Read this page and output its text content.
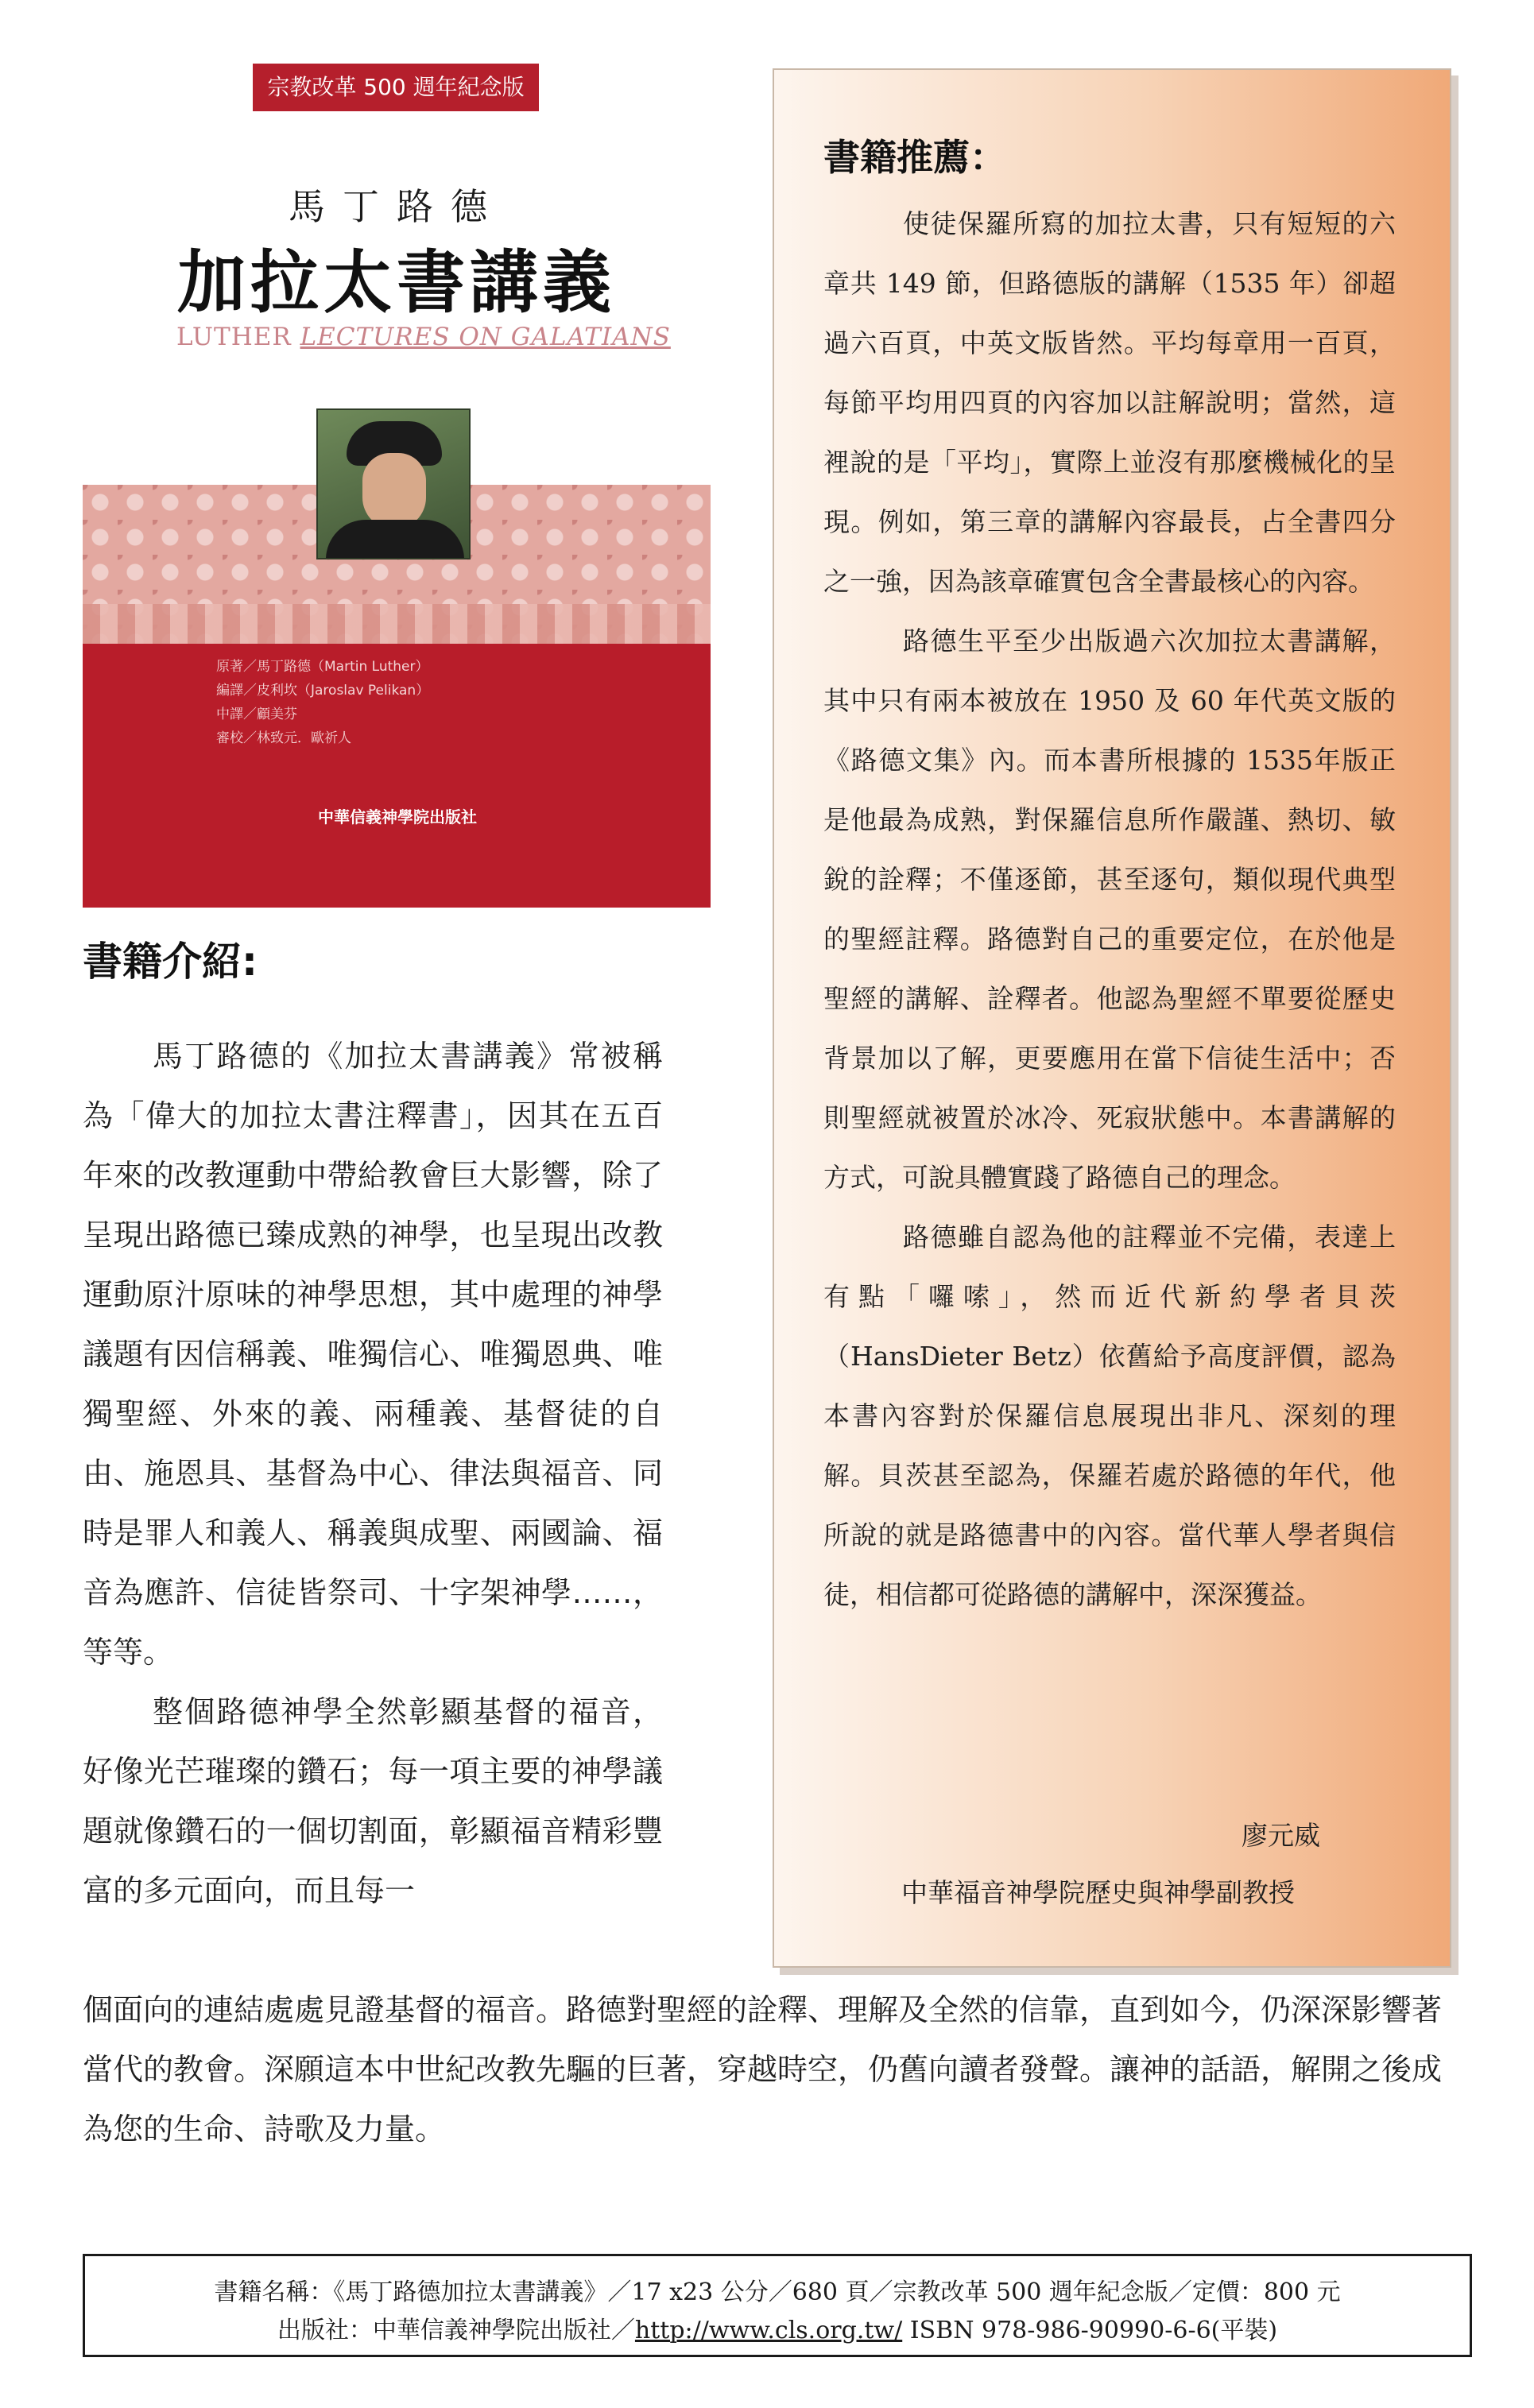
宗教改革 500 週年紀念版
馬丁路德
加拉太書講義
LUTHER LECTURES ON GALATIANS
原著／馬丁路德（Martin Luther）
編譯／皮利坎（Jaroslav Pelikan）
中譯／顧美芬
審校／林致元．歐祈人
中華信義神學院出版社
書籍介紹:

馬丁路德的《加拉太書講義》常被稱為「偉大的加拉太書注釋書」，因其在五百年來的改教運動中帶給教會巨大影響，除了呈現出路德已臻成熟的神學，也呈現出改教運動原汁原味的神學思想，其中處理的神學議題有因信稱義、唯獨信心、唯獨恩典、唯獨聖經、外來的義、兩種義、基督徒的自由、施恩具、基督為中心、律法與福音、同時是罪人和義人、稱義與成聖、兩國論、福音為應許、信徒皆祭司、十字架神學……，等等。

整個路德神學全然彰顯基督的福音，好像光芒璀璨的鑽石；每一項主要的神學議題就像鑽石的一個切割面，彰顯福音精彩豐富的多元面向，而且每一

個面向的連結處處見證基督的福音。路德對聖經的詮釋、理解及全然的信靠，直到如今，仍深深影響著當代的教會。深願這本中世紀改教先驅的巨著，穿越時空，仍舊向讀者發聲。讓神的話語，解開之後成為您的生命、詩歌及力量。
書籍推薦：

使徒保羅所寫的加拉太書，只有短短的六章共 149 節，但路德版的講解（1535 年）卻超過六百頁，中英文版皆然。平均每章用一百頁，每節平均用四頁的內容加以註解說明；當然，這裡說的是「平均」，實際上並沒有那麼機械化的呈現。例如，第三章的講解內容最長，占全書四分之一強，因為該章確實包含全書最核心的內容。

路德生平至少出版過六次加拉太書講解，其中只有兩本被放在 1950 及 60 年代英文版的《路德文集》內。而本書所根據的 1535年版正是他最為成熟，對保羅信息所作嚴謹、熱切、敏銳的詮釋；不僅逐節，甚至逐句，類似現代典型的聖經註釋。路德對自己的重要定位，在於他是聖經的講解、詮釋者。他認為聖經不單要從歷史背景加以了解，更要應用在當下信徒生活中；否則聖經就被置於冰冷、死寂狀態中。本書講解的方式，可說具體實踐了路德自己的理念。

路德雖自認為他的註釋並不完備，表達上有點「囉嗦」，然而近代新約學者貝茨（HansDieter Betz）依舊給予高度評價，認為本書內容對於保羅信息展現出非凡、深刻的理解。貝茨甚至認為，保羅若處於路德的年代，他所說的就是路德書中的內容。當代華人學者與信徒，相信都可從路德的講解中，深深獲益。

廖元威
中華福音神學院歷史與神學副教授
書籍名稱：《馬丁路德加拉太書講義》／17 x23 公分／680 頁／宗教改革 500 週年紀念版／定價：800 元
出版社：中華信義神學院出版社／http://www.cls.org.tw/ ISBN 978-986-90990-6-6(平裝)
